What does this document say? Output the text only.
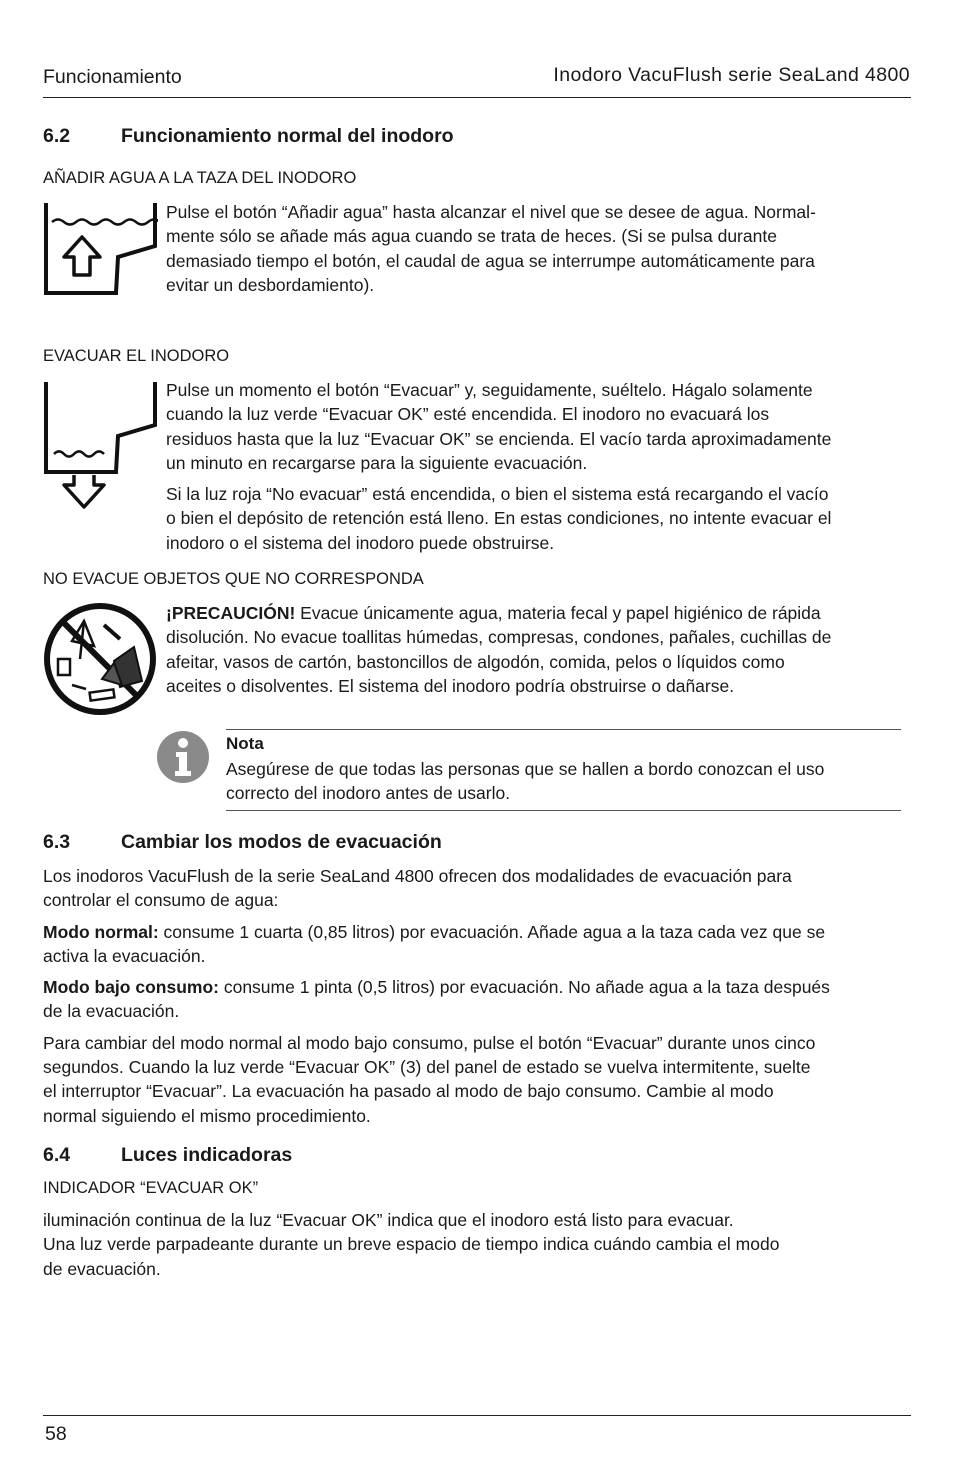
Funcionamiento	Inodoro VacuFlush serie SeaLand 4800
6.2	Funcionamiento normal del inodoro
AÑADIR AGUA A LA TAZA DEL INODORO
Pulse el botón “Añadir agua” hasta alcanzar el nivel que se desee de agua. Normal-
mente sólo se añade más agua cuando se trata de heces. (Si se pulsa durante
demasiado tiempo el botón, el caudal de agua se interrumpe automáticamente para
evitar un desbordamiento).
EVACUAR EL INODORO
Pulse un momento el botón “Evacuar” y, seguidamente, suéltelo. Hágalo solamente
cuando la luz verde “Evacuar OK” esté encendida. El inodoro no evacuará los
residuos hasta que la luz “Evacuar OK” se encienda. El vacío tarda aproximadamente
un minuto en recargarse para la siguiente evacuación.
Si la luz roja “No evacuar” está encendida, o bien el sistema está recargando el vacío
o bien el depósito de retención está lleno. En estas condiciones, no intente evacuar el
inodoro o el sistema del inodoro puede obstruirse.
NO EVACUE OBJETOS QUE NO CORRESPONDA
¡PRECAUCIÓN! Evacue únicamente agua, materia fecal y papel higiénico de rápida
disolución. No evacue toallitas húmedas, compresas, condones, pañales, cuchillas de
afeitar, vasos de cartón, bastoncillos de algodón, comida, pelos o líquidos como
aceites o disolventes. El sistema del inodoro podría obstruirse o dañarse.
Nota
Asegúrese de que todas las personas que se hallen a bordo conozcan el uso
correcto del inodoro antes de usarlo.
6.3	Cambiar los modos de evacuación
Los inodoros VacuFlush de la serie SeaLand 4800 ofrecen dos modalidades de evacuación para
controlar el consumo de agua:
Modo normal: consume 1 cuarta (0,85 litros) por evacuación. Añade agua a la taza cada vez que se
activa la evacuación.
Modo bajo consumo: consume 1 pinta (0,5 litros) por evacuación. No añade agua a la taza después
de la evacuación.
Para cambiar del modo normal al modo bajo consumo, pulse el botón “Evacuar” durante unos cinco
segundos. Cuando la luz verde “Evacuar OK” (3) del panel de estado se vuelva intermitente, suelte
el interruptor “Evacuar”. La evacuación ha pasado al modo de bajo consumo. Cambie al modo
normal siguiendo el mismo procedimiento.
6.4	Luces indicadoras
INDICADOR “EVACUAR OK”
iluminación continua de la luz “Evacuar OK” indica que el inodoro está listo para evacuar.
Una luz verde parpadeante durante un breve espacio de tiempo indica cuándo cambia el modo
de evacuación.
58
